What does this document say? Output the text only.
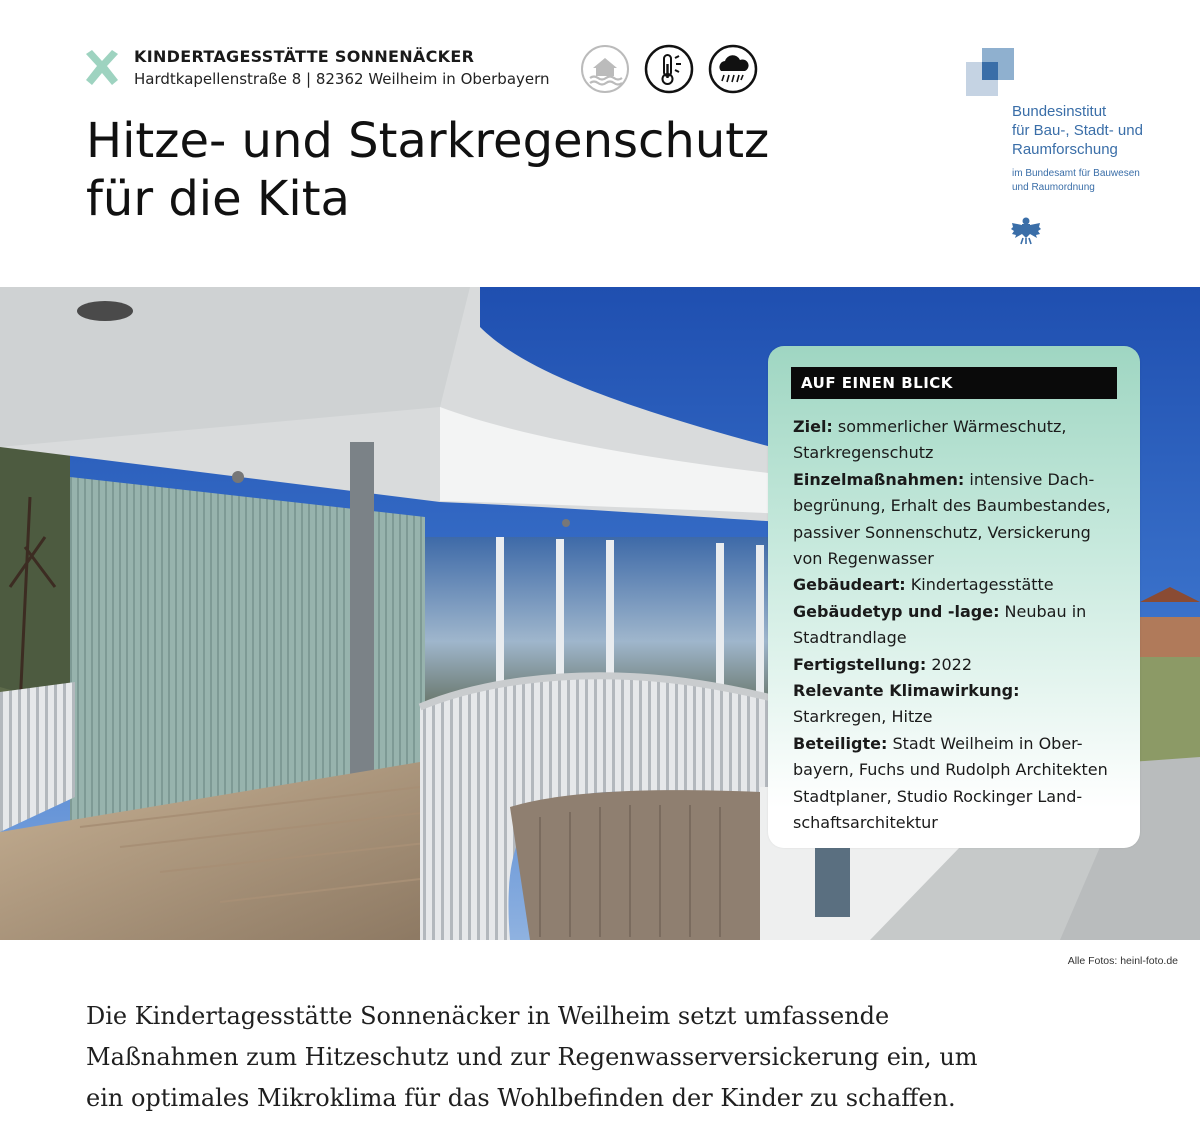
KINDERTAGESSTÄTTE SONNENÄCKER
Hardtkapellenstraße 8 | 82362 Weilheim in Oberbayern
Hitze- und Starkregenschutz
für die Kita
Bundesinstitut
für Bau-, Stadt- und
Raumforschung
im Bundesamt für Bauwesen
und Raumordnung
AUF EINEN BLICK
Ziel: sommerlicher Wärmeschutz,
Starkregenschutz
Einzelmaßnahmen: intensive Dach-
begrünung, Erhalt des Baumbestandes,
passiver Sonnenschutz, Versickerung
von Regenwasser
Gebäudeart: Kindertagesstätte
Gebäudetyp und -lage: Neubau in
Stadtrandlage
Fertigstellung: 2022
Relevante Klimawirkung:
Starkregen, Hitze
Beteiligte: Stadt Weilheim in Ober-
bayern, Fuchs und Rudolph Architekten
Stadtplaner, Studio Rockinger Land-
schaftsarchitektur
Alle Fotos: heinl-foto.de

Die Kindertagesstätte Sonnenäcker in Weilheim setzt umfassende
Maßnahmen zum Hitzeschutz und zur Regenwasserversickerung ein, um
ein optimales Mikroklima für das Wohlbefinden der Kinder zu schaffen.
